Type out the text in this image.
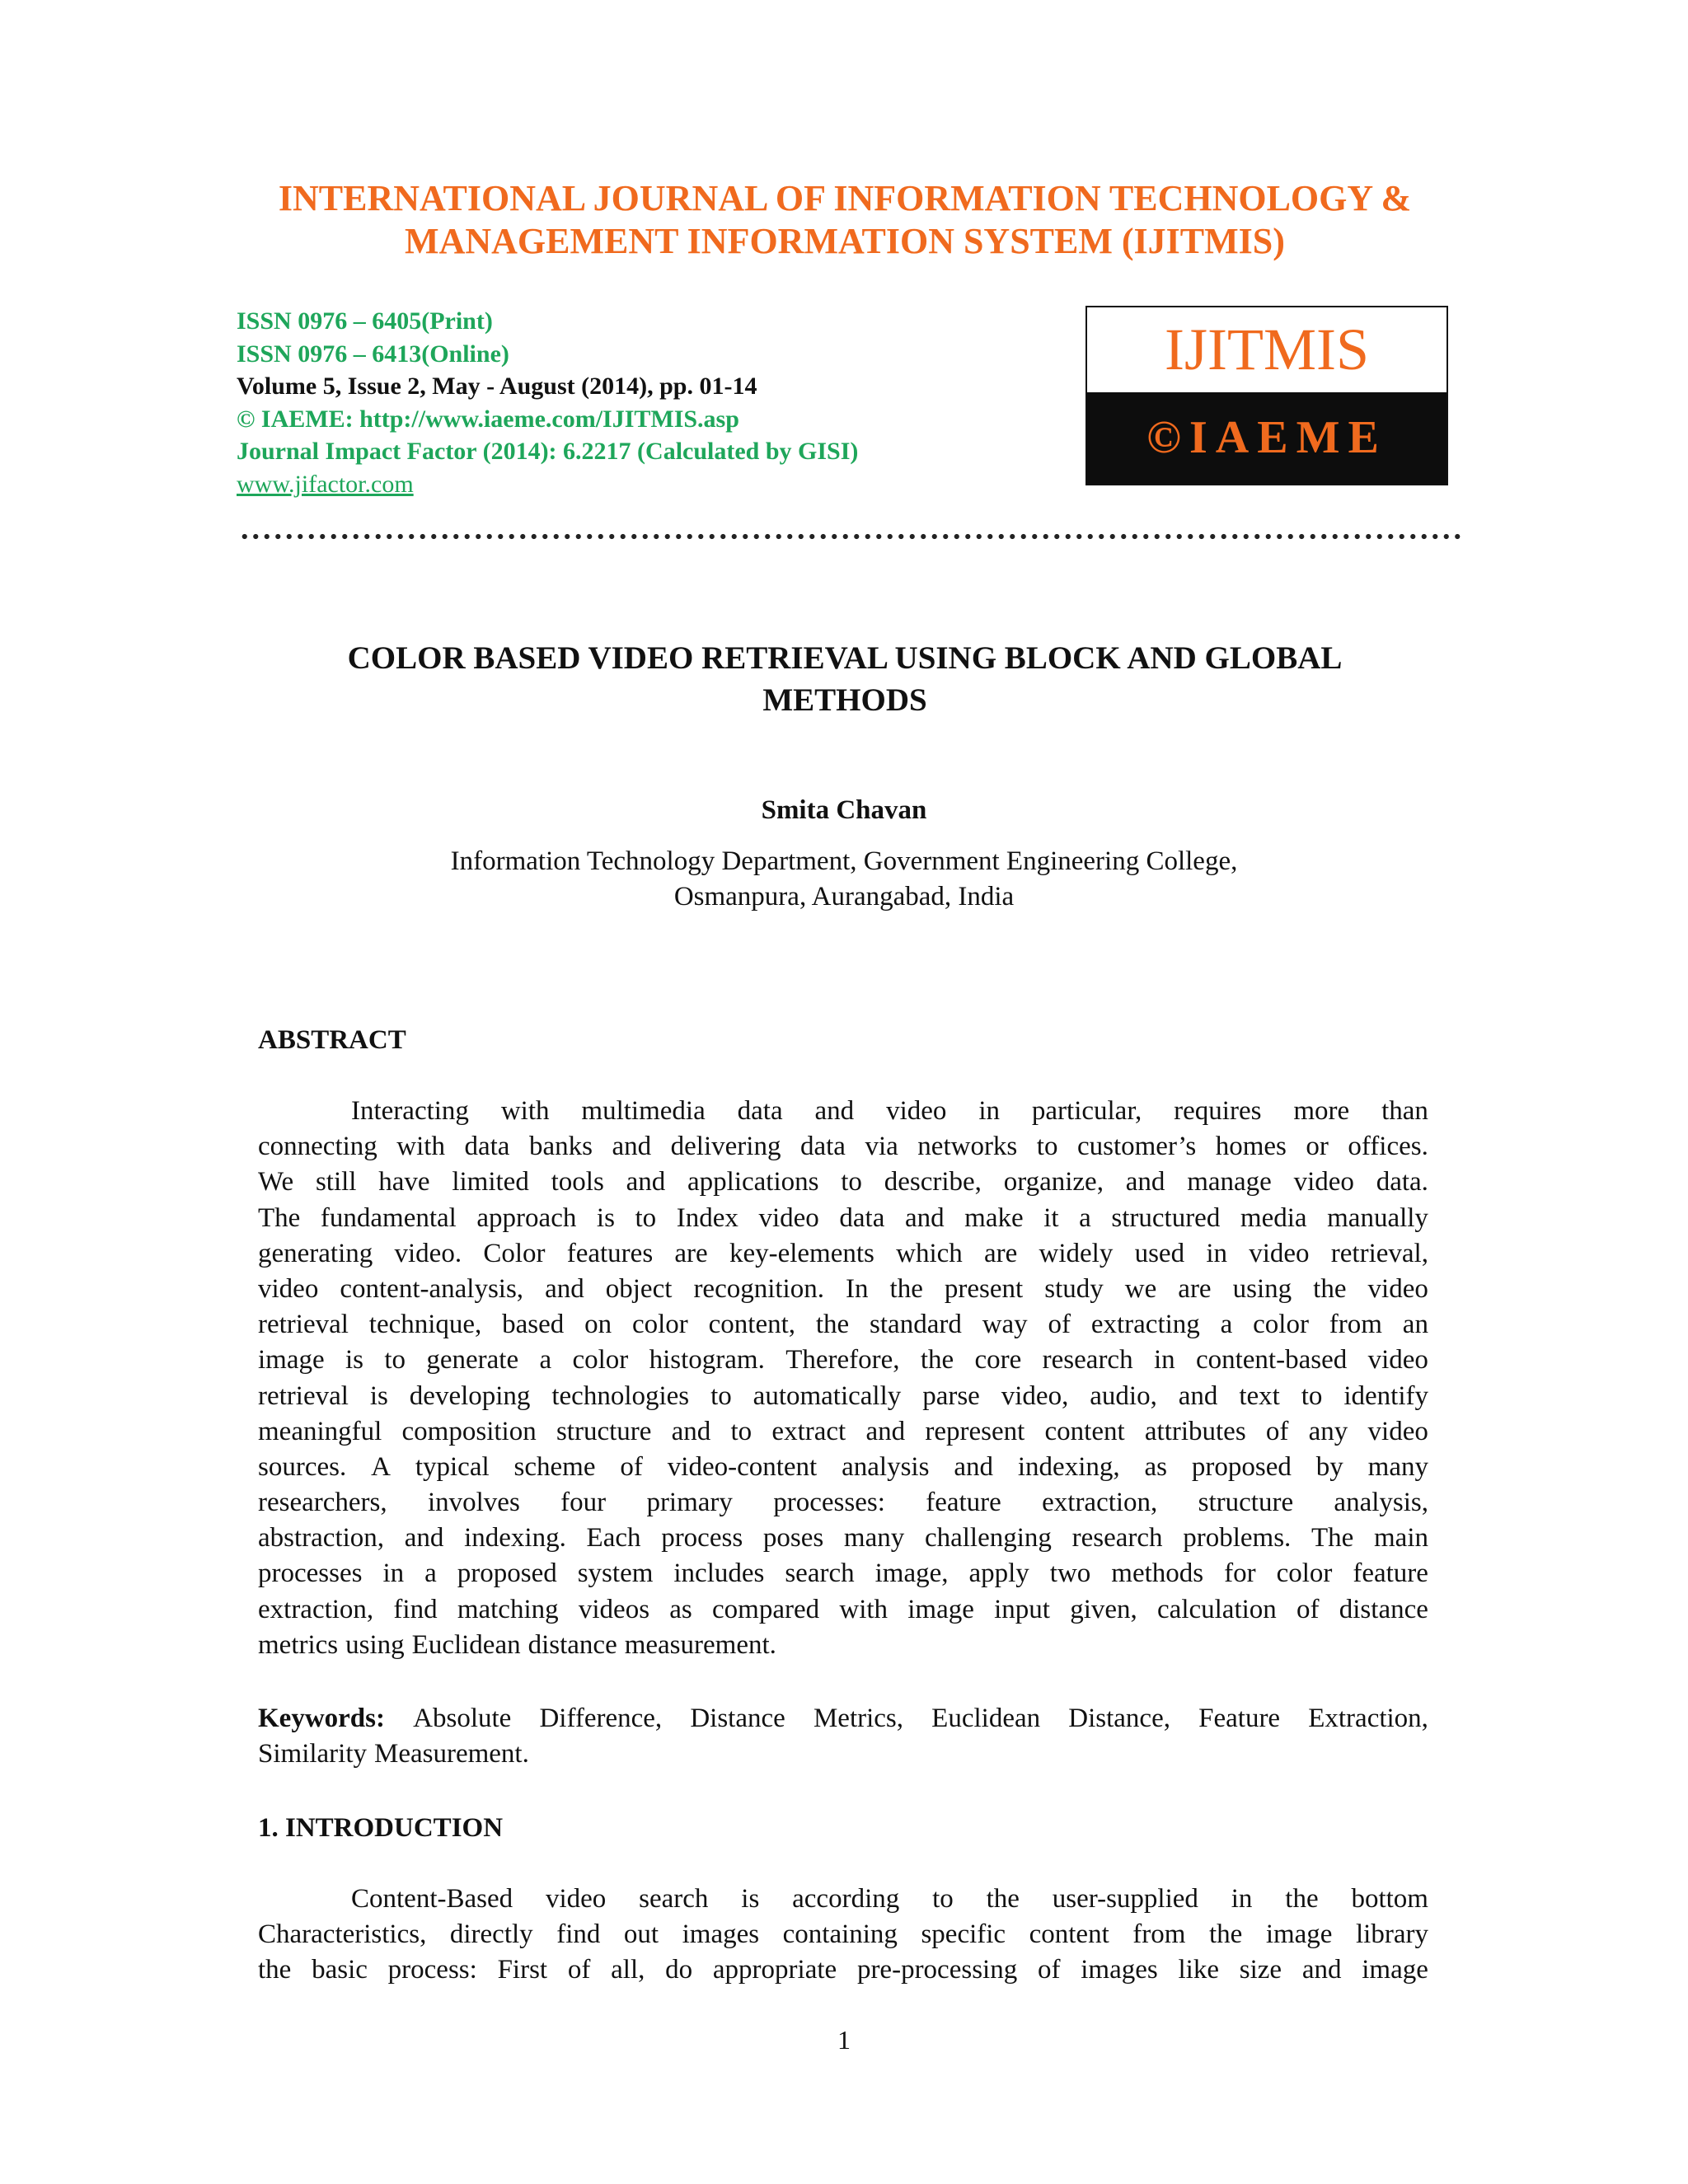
INTERNATIONAL JOURNAL OF INFORMATION TECHNOLOGY &
MANAGEMENT INFORMATION SYSTEM (IJITMIS)
ISSN 0976 – 6405(Print)
ISSN 0976 – 6413(Online)
Volume 5, Issue 2, May - August (2014), pp. 01-14
© IAEME: http://www.iaeme.com/IJITMIS.asp
Journal Impact Factor (2014): 6.2217 (Calculated by GISI)
www.jifactor.com
IJITMIS
©IAEME
COLOR BASED VIDEO RETRIEVAL USING BLOCK AND GLOBAL
METHODS
Smita Chavan
Information Technology Department, Government Engineering College,
Osmanpura, Aurangabad, India
ABSTRACT
Interacting with multimedia data and video in particular, requires more than
connecting with data banks and delivering data via networks to customer’s homes or offices.
We still have limited tools and applications to describe, organize, and manage video data.
The fundamental approach is to Index video data and make it a structured media manually
generating video. Color features are key-elements which are widely used in video retrieval,
video content-analysis, and object recognition. In the present study we are using the video
retrieval technique, based on color content, the standard way of extracting a color from an
image is to generate a color histogram. Therefore, the core research in content-based video
retrieval is developing technologies to automatically parse video, audio, and text to identify
meaningful composition structure and to extract and represent content attributes of any video
sources. A typical scheme of video-content analysis and indexing, as proposed by many
researchers, involves four primary processes: feature extraction, structure analysis,
abstraction, and indexing. Each process poses many challenging research problems. The main
processes in a proposed system includes search image, apply two methods for color feature
extraction, find matching videos as compared with image input given, calculation of distance
metrics using Euclidean distance measurement.
Keywords: Absolute Difference, Distance Metrics, Euclidean Distance, Feature Extraction,
Similarity Measurement.
1. INTRODUCTION
Content-Based video search is according to the user-supplied in the bottom
Characteristics, directly find out images containing specific content from the image library
the basic process: First of all, do appropriate pre-processing of images like size and image
1
